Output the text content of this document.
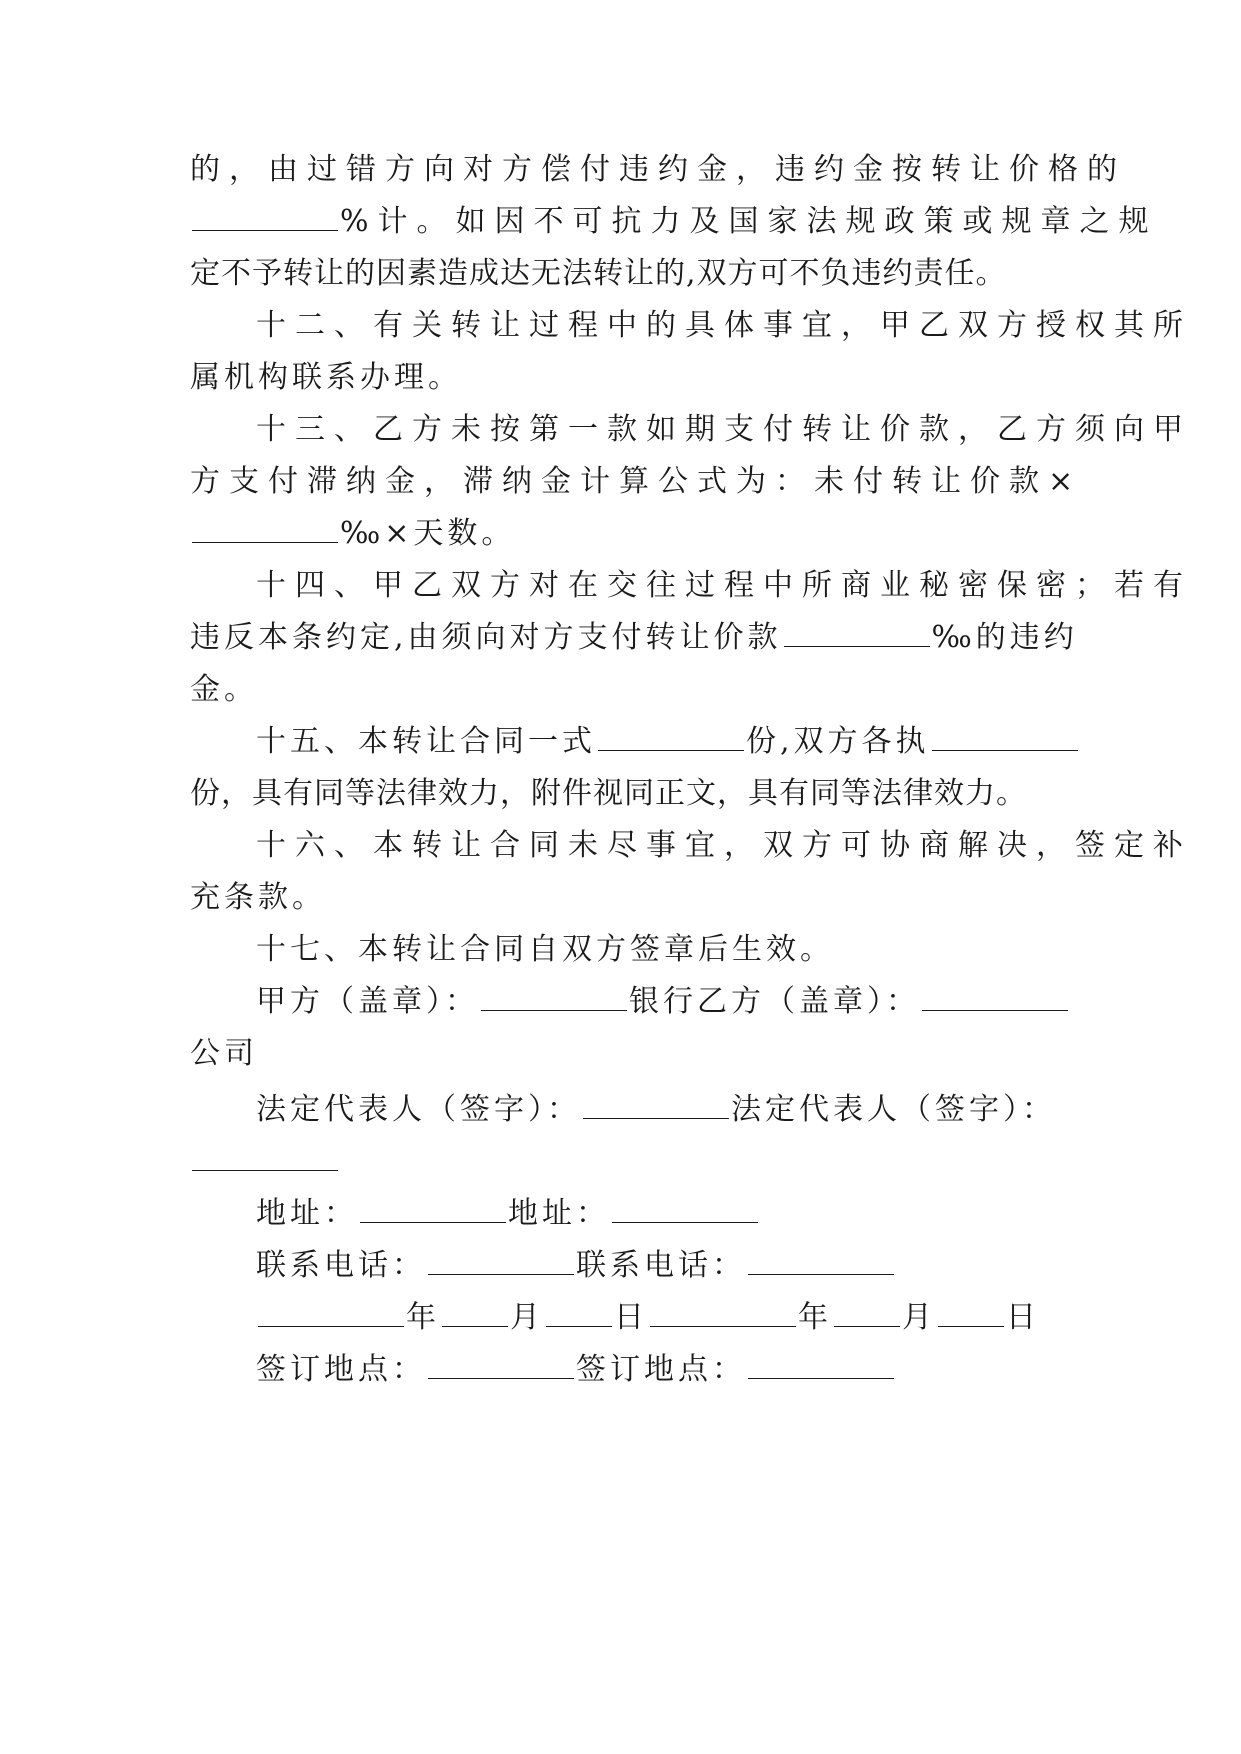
的，由过错方向对方偿付违约金，违约金按转让价格的
%计。如因不可抗力及国家法规政策或规章之规
定不予转让的因素造成达无法转让的,双方可不负违约责任。
十二、有关转让过程中的具体事宜，甲乙双方授权其所
属机构联系办理。
十三、乙方未按第一款如期支付转让价款，乙方须向甲
方支付滞纳金，滞纳金计算公式为：未付转让价款×
‰×天数。
十四、甲乙双方对在交往过程中所商业秘密保密；若有
违反本条约定,由须向对方支付转让价款	‰的违约
金。
十五、本转让合同一式	份,双方各执
份，具有同等法律效力，附件视同正文，具有同等法律效力。
十六、本转让合同未尽事宜，双方可协商解决，签定补
充条款。
十七、本转让合同自双方签章后生效。
甲方（盖章）：	银行乙方（盖章）：
公司
法定代表人（签字）：	法定代表人（签字）：
地址：	地址：
联系电话：	联系电话：
年 月 日	年 月 日
签订地点：	签订地点：
